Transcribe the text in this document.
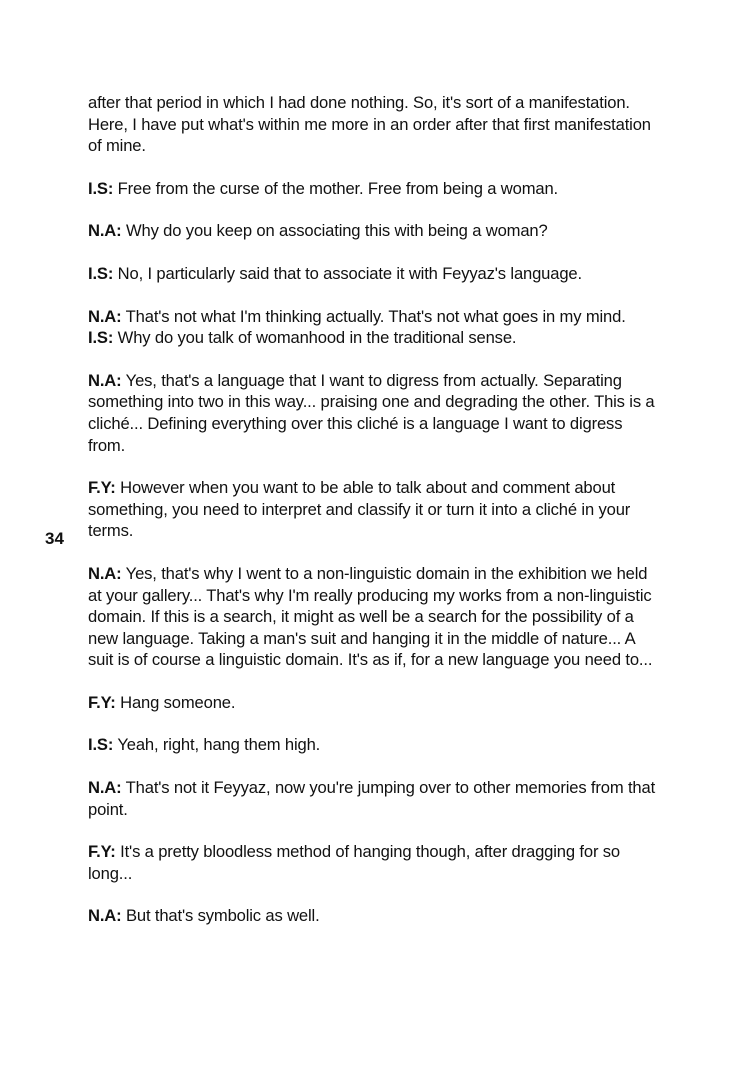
34

after that period in which I had done nothing. So, it's sort of a manifestation. Here, I have put what's within me more in an order after that first manifestation of mine.

I.S: Free from the curse of the mother. Free from being a woman.

N.A: Why do you keep on associating this with being a woman?

I.S: No, I particularly said that to associate it with Feyyaz's language.

N.A: That's not what I'm thinking actually. That's not what goes in my mind.

I.S: Why do you talk of womanhood in the traditional sense.

N.A: Yes, that's a language that I want to digress from actually. Separating something into two in this way... praising one and degrading the other. This is a cliché... Defining everything over this cliché is a language I want to digress from.

F.Y: However when you want to be able to talk about and comment about something, you need to interpret and classify it or turn it into a cliché in your terms.

N.A: Yes, that's why I went to a non-linguistic domain in the exhibition we held at your gallery... That's why I'm really producing my works from a non-linguistic domain. If this is a search, it might as well be a search for the possibility of a new language. Taking a man's suit and hanging it in the middle of nature... A suit is of course a linguistic domain. It's as if, for a new language you need to...

F.Y: Hang someone.

I.S: Yeah, right, hang them high.

N.A: That's not it Feyyaz, now you're jumping over to other memories from that point.

F.Y: It's a pretty bloodless method of hanging though, after dragging for so long...

N.A: But that's symbolic as well.
